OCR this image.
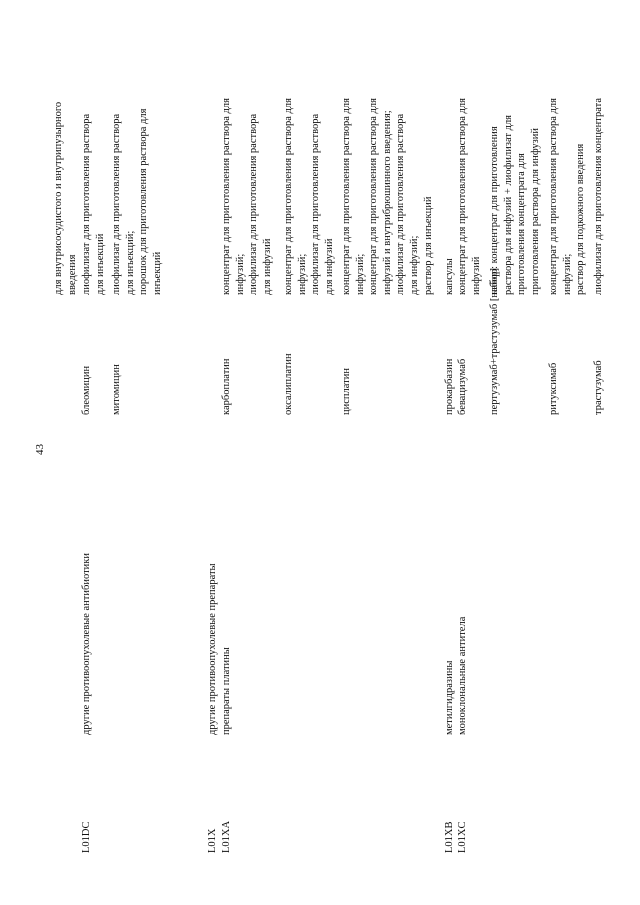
43
для внутрисосудистого и внутрипузырного введения
L01DC
другие противоопухолевые антибиотики
блеомицин
лиофилизат для приготовления раствора для инъекций
митомицин
лиофилизат для приготовления раствора для инъекций; порошок для приготовления раствора для инъекций
L01X
другие противоопухолевые препараты
L01XA
препараты платины
карбоплатин
концентрат для приготовления раствора для инфузий; лиофилизат для приготовления раствора для инфузий
оксалиплатин
концентрат для приготовления раствора для инфузий; лиофилизат для приготовления раствора для инфузий
цисплатин
концентрат для приготовления раствора для инфузий; концентрат для приготовления раствора для инфузий и внутрибрюшинного введения; лиофилизат для приготовления раствора для инфузий; раствор для инъекций
L01XB
метилгидразины
прокарбазин
капсулы
L01XC
моноклональные антитела
бевацизумаб
концентрат для приготовления раствора для инфузий пертузумаб+трастузумаб [набор]
набор: концентрат для приготовления раствора для инфузий + лиофилизат для приготовления концентрата для приготовления раствора для инфузий
ритуксимаб
концентрат для приготовления раствора для инфузий; раствор для подкожного введения
трастузумаб
лиофилизат для приготовления концентрата
